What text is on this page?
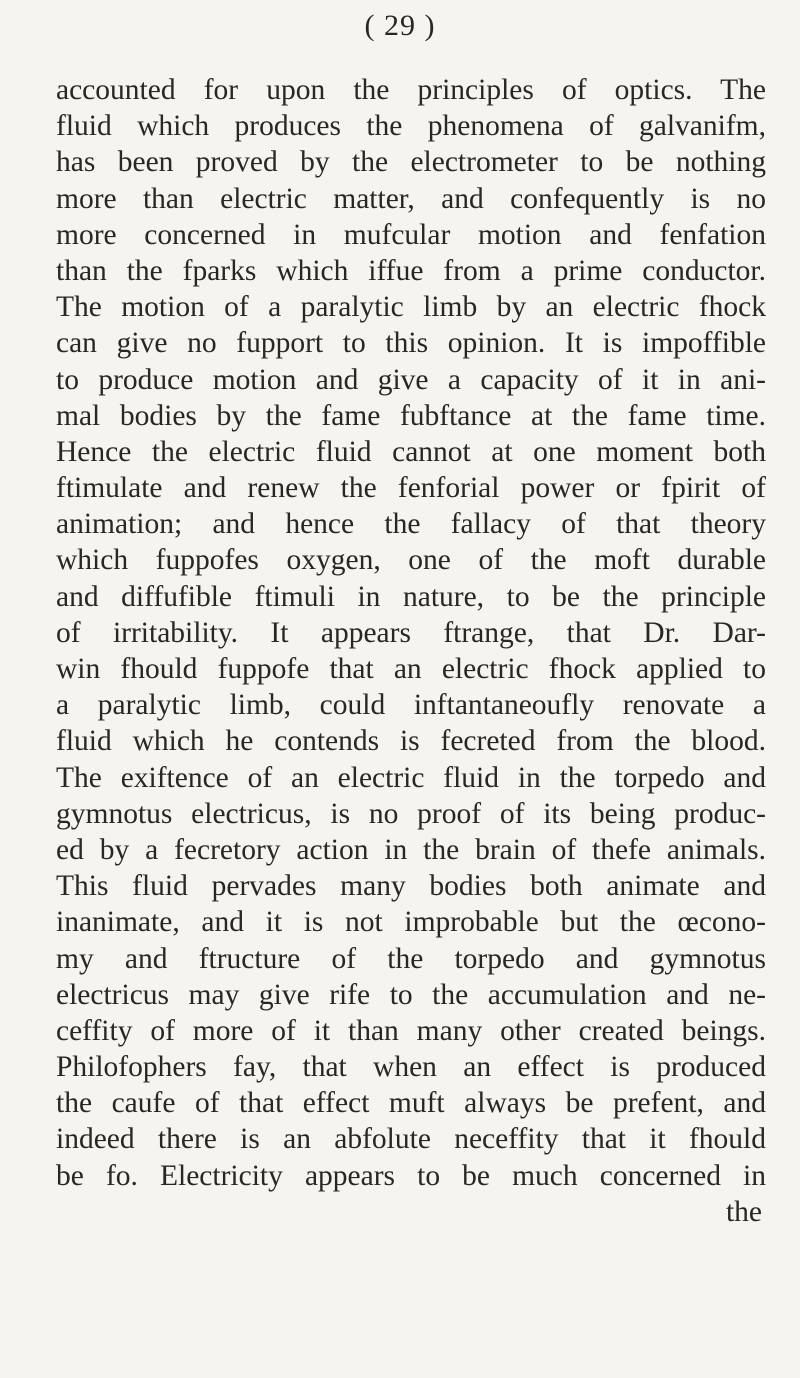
( 29 )
accounted for upon the principles of optics. The
fluid which produces the phenomena of galvanifm,
has been proved by the electrometer to be nothing
more than electric matter, and confequently is no
more concerned in mufcular motion and fenfation
than the fparks which iffue from a prime conductor.
The motion of a paralytic limb by an electric fhock
can give no fupport to this opinion. It is impoffible
to produce motion and give a capacity of it in ani-
mal bodies by the fame fubftance at the fame time.
Hence the electric fluid cannot at one moment both
ftimulate and renew the fenforial power or fpirit of
animation; and hence the fallacy of that theory
which fuppofes oxygen, one of the moft durable
and diffufible ftimuli in nature, to be the principle
of irritability. It appears ftrange, that Dr. Dar-
win fhould fuppofe that an electric fhock applied to
a paralytic limb, could inftantaneoufly renovate a
fluid which he contends is fecreted from the blood.
The exiftence of an electric fluid in the torpedo and
gymnotus electricus, is no proof of its being produc-
ed by a fecretory action in the brain of thefe animals.
This fluid pervades many bodies both animate and
inanimate, and it is not improbable but the œcono-
my and ftructure of the torpedo and gymnotus
electricus may give rife to the accumulation and ne-
ceffity of more of it than many other created beings.
Philofophers fay, that when an effect is produced
the caufe of that effect muft always be prefent, and
indeed there is an abfolute neceffity that it fhould
be fo. Electricity appears to be much concerned in
the
